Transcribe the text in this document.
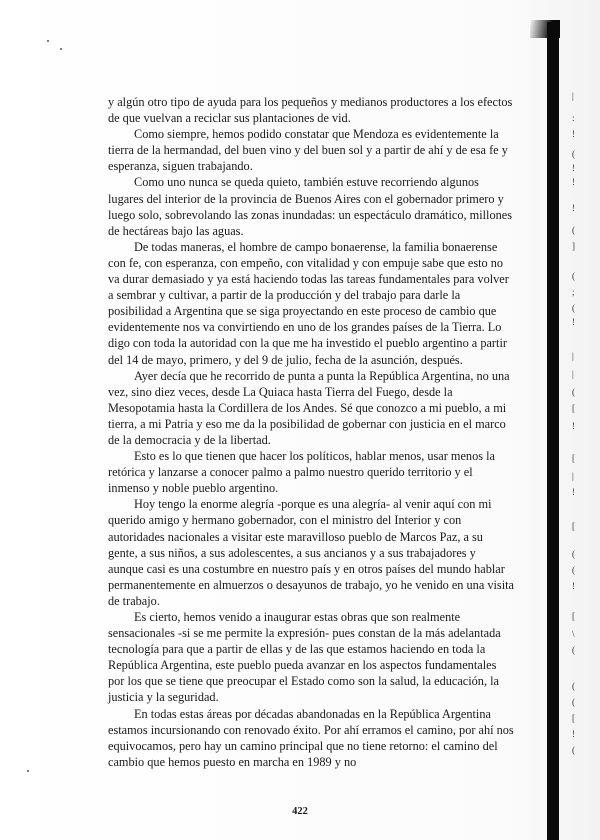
|
:
!
(
!
!
!
(
]
(
;
(
!
|
|
(
[
!
[
|
!
[
(
(
!
[
\
(
(
(
[
!
(

y algún otro tipo de ayuda para los pequeños y medianos productores a los efectos de que vuelvan a reciclar sus plantaciones de vid.

Como siempre, hemos podido constatar que Mendoza es evidentemente la tierra de la hermandad, del buen vino y del buen sol y a partir de ahí y de esa fe y esperanza, siguen trabajando.

Como uno nunca se queda quieto, también estuve recorriendo algunos lugares del interior de la provincia de Buenos Aires con el gobernador primero y luego solo, sobrevolando las zonas inundadas: un espectáculo dramático, millones de hectáreas bajo las aguas.

De todas maneras, el hombre de campo bonaerense, la familia bonaerense con fe, con esperanza, con empeño, con vitalidad y con empuje sabe que esto no va durar demasiado y ya está haciendo todas las tareas fundamentales para volver a sembrar y cultivar, a partir de la producción y del trabajo para darle la posibilidad a Argentina que se siga proyectando en este proceso de cambio que evidentemente nos va convirtiendo en uno de los grandes países de la Tierra. Lo digo con toda la autoridad con la que me ha investido el pueblo argentino a partir del 14 de mayo, primero, y del 9 de julio, fecha de la asunción, después.

Ayer decía que he recorrido de punta a punta la República Argentina, no una vez, sino diez veces, desde La Quiaca hasta Tierra del Fuego, desde la Mesopotamia hasta la Cordillera de los Andes. Sé que conozco a mi pueblo, a mi tierra, a mi Patria y eso me da la posibilidad de gobernar con justicia en el marco de la democracia y de la libertad.

Esto es lo que tienen que hacer los políticos, hablar menos, usar menos la retórica y lanzarse a conocer palmo a palmo nuestro querido territorio y el inmenso y noble pueblo argentino.

Hoy tengo la enorme alegría -porque es una alegría- al venir aquí con mi querido amigo y hermano gobernador, con el ministro del Interior y con autoridades nacionales a visitar este maravilloso pueblo de Marcos Paz, a su gente, a sus niños, a sus adolescentes, a sus ancianos y a sus trabajadores y aunque casi es una costumbre en nuestro país y en otros países del mundo hablar permanentemente en almuerzos o desayunos de trabajo, yo he venido en una visita de trabajo.

Es cierto, hemos venido a inaugurar estas obras que son realmente sensacionales -si se me permite la expresión- pues constan de la más adelantada tecnología para que a partir de ellas y de las que estamos haciendo en toda la República Argentina, este pueblo pueda avanzar en los aspectos fundamentales por los que se tiene que preocupar el Estado como son la salud, la educación, la justicia y la seguridad.

En todas estas áreas por décadas abandonadas en la República Argentina estamos incursionando con renovado éxito. Por ahí erramos el camino, por ahí nos equivocamos, pero hay un camino principal que no tiene retorno: el camino del cambio que hemos puesto en marcha en 1989 y no

422
